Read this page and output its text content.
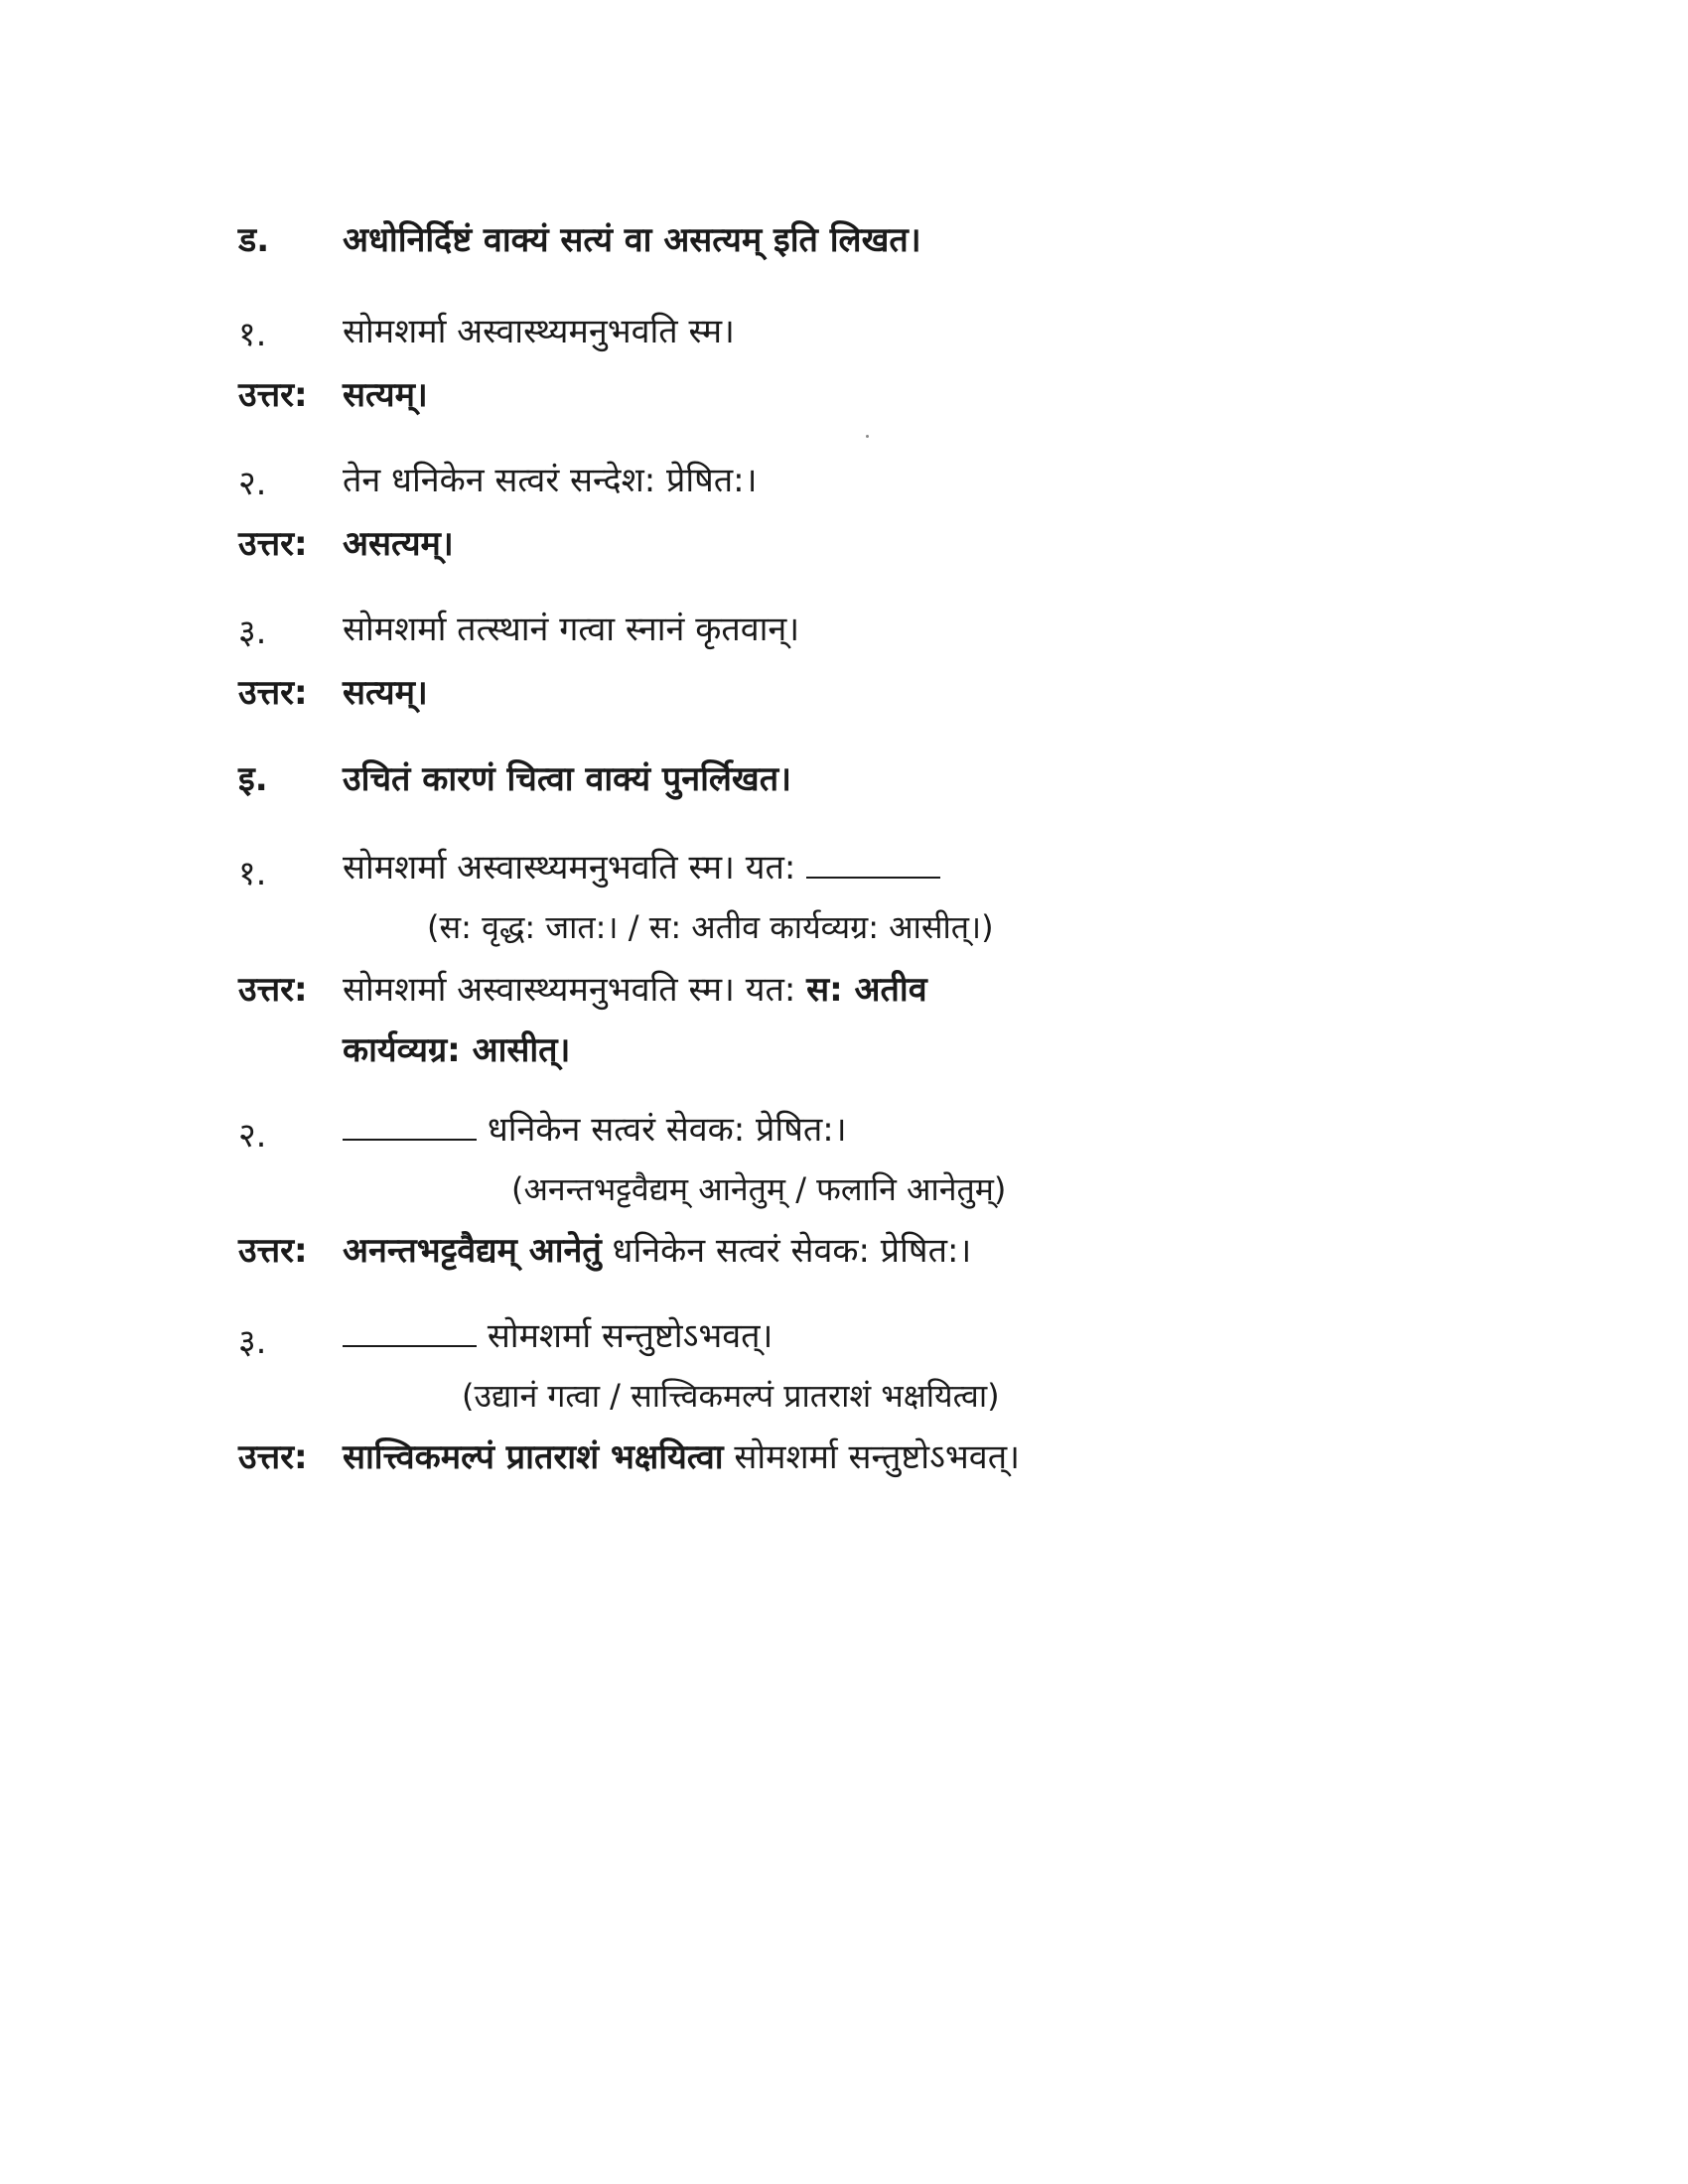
ड. अधोनिर्दिष्टं वाक्यं सत्यं वा असत्यम् इति लिखत।
१. सोमशर्मा अस्वास्थ्यमनुभवति स्म।
उत्तर: सत्यम्।
२. तेन धनिकेन सत्वरं सन्देश: प्रेषित:।
उत्तर: असत्यम्।
३. सोमशर्मा तत्स्थानं गत्वा स्नानं कृतवान्।
उत्तर: सत्यम्।
इ. उचितं कारणं चित्वा वाक्यं पुनर्लिखत।
१. सोमशर्मा अस्वास्थ्यमनुभवति स्म। यत:
(स: वृद्ध: जात:। / स: अतीव कार्यव्यग्र: आसीत्।)
उत्तर: सोमशर्मा अस्वास्थ्यमनुभवति स्म। यत: स: अतीव
कार्यव्यग्र: आसीत्।
२.	धनिकेन सत्वरं सेवक: प्रेषित:।
(अनन्तभट्टवैद्यम् आनेतुम् / फलानि आनेतुम्)
उत्तर: अनन्तभट्टवैद्यम् आनेतुं धनिकेन सत्वरं सेवक: प्रेषित:।
३.	सोमशर्मा सन्तुष्टोऽभवत्।
(उद्यानं गत्वा / सात्त्विकमल्पं प्रातराशं भक्षयित्वा)
उत्तर: सात्त्विकमल्पं प्रातराशं भक्षयित्वा सोमशर्मा सन्तुष्टोऽभवत्।
